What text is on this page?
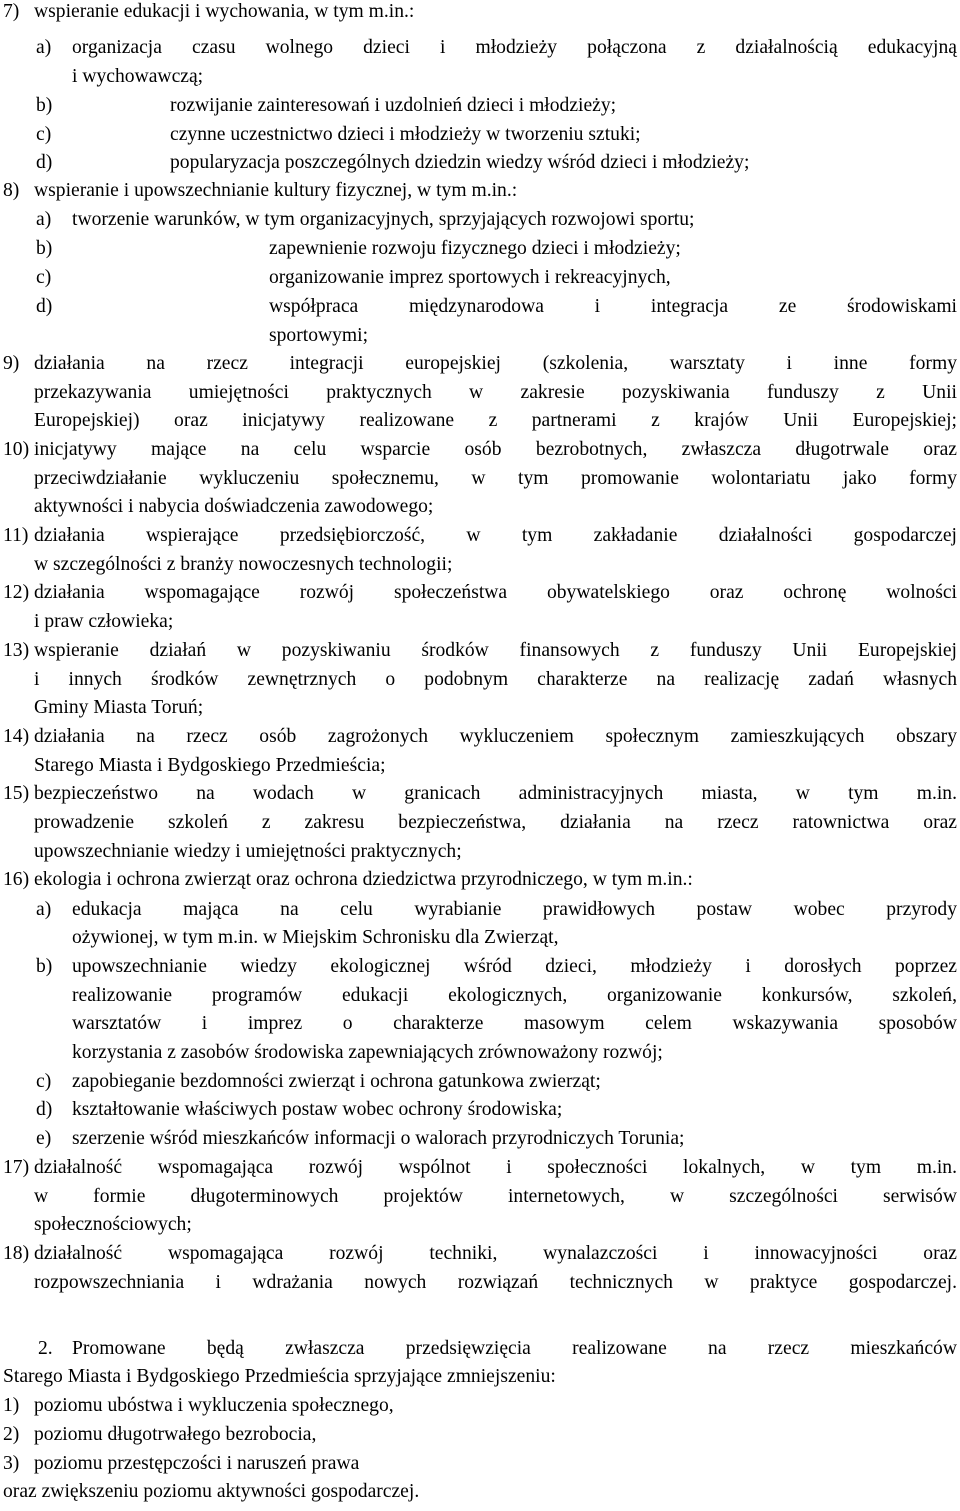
7) wspieranie edukacji i wychowania, w tym m.in.:
a) organizacja czasu wolnego dzieci i młodzieży połączona z działalnością edukacyjną
i wychowawczą;
b)	rozwijanie zainteresowań i uzdolnień dzieci i młodzieży;
c)	czynne uczestnictwo dzieci i młodzieży w tworzeniu sztuki;
d)	popularyzacja poszczególnych dziedzin wiedzy wśród dzieci i młodzieży;
8) wspieranie i upowszechnianie kultury fizycznej, w tym m.in.:
a) tworzenie warunków, w tym organizacyjnych, sprzyjających rozwojowi sportu;
b)	zapewnienie rozwoju fizycznego dzieci i młodzieży;
c)	organizowanie imprez sportowych i rekreacyjnych,
d)	współpraca międzynarodowa i integracja ze środowiskami
sportowymi;
9) działania na rzecz integracji europejskiej (szkolenia, warsztaty i inne formy
przekazywania umiejętności praktycznych w zakresie pozyskiwania funduszy z Unii
Europejskiej) oraz inicjatywy realizowane z partnerami z krajów Unii Europejskiej;
10) inicjatywy mające na celu wsparcie osób bezrobotnych, zwłaszcza długotrwale oraz
przeciwdziałanie wykluczeniu społecznemu, w tym promowanie wolontariatu jako formy
aktywności i nabycia doświadczenia zawodowego;
11) działania wspierające przedsiębiorczość, w tym zakładanie działalności gospodarczej
w szczególności z branży nowoczesnych technologii;
12) działania wspomagające rozwój społeczeństwa obywatelskiego oraz ochronę wolności
i praw człowieka;
13) wspieranie działań w pozyskiwaniu środków finansowych z funduszy Unii Europejskiej
i innych środków zewnętrznych o podobnym charakterze na realizację zadań własnych
Gminy Miasta Toruń;
14) działania na rzecz osób zagrożonych wykluczeniem społecznym zamieszkujących obszary
Starego Miasta i Bydgoskiego Przedmieścia;
15) bezpieczeństwo na wodach w granicach administracyjnych miasta, w tym m.in.
prowadzenie szkoleń z zakresu bezpieczeństwa, działania na rzecz ratownictwa oraz
upowszechnianie wiedzy i umiejętności praktycznych;
16) ekologia i ochrona zwierząt oraz ochrona dziedzictwa przyrodniczego, w tym m.in.:
a) edukacja mająca na celu wyrabianie prawidłowych postaw wobec przyrody
ożywionej, w tym m.in. w Miejskim Schronisku dla Zwierząt,
b) upowszechnianie wiedzy ekologicznej wśród dzieci, młodzieży i dorosłych poprzez
realizowanie programów edukacji ekologicznych, organizowanie konkursów, szkoleń,
warsztatów i imprez o charakterze masowym celem wskazywania sposobów
korzystania z zasobów środowiska zapewniających zrównoważony rozwój;
c) zapobieganie bezdomności zwierząt i ochrona gatunkowa zwierząt;
d) kształtowanie właściwych postaw wobec ochrony środowiska;
e) szerzenie wśród mieszkańców informacji o walorach przyrodniczych Torunia;
17) działalność wspomagająca rozwój wspólnot i społeczności lokalnych, w tym m.in.
w formie długoterminowych projektów internetowych, w szczególności serwisów
społecznościowych;
18) działalność wspomagająca rozwój techniki, wynalazczości i innowacyjności oraz
rozpowszechniania i wdrażania nowych rozwiązań technicznych w praktyce gospodarczej.
2. Promowane będą zwłaszcza przedsięwzięcia realizowane na rzecz mieszkańców
Starego Miasta i Bydgoskiego Przedmieścia sprzyjające zmniejszeniu:
1) poziomu ubóstwa i wykluczenia społecznego,
2) poziomu długotrwałego bezrobocia,
3) poziomu przestępczości i naruszeń prawa
oraz zwiększeniu poziomu aktywności gospodarczej.
